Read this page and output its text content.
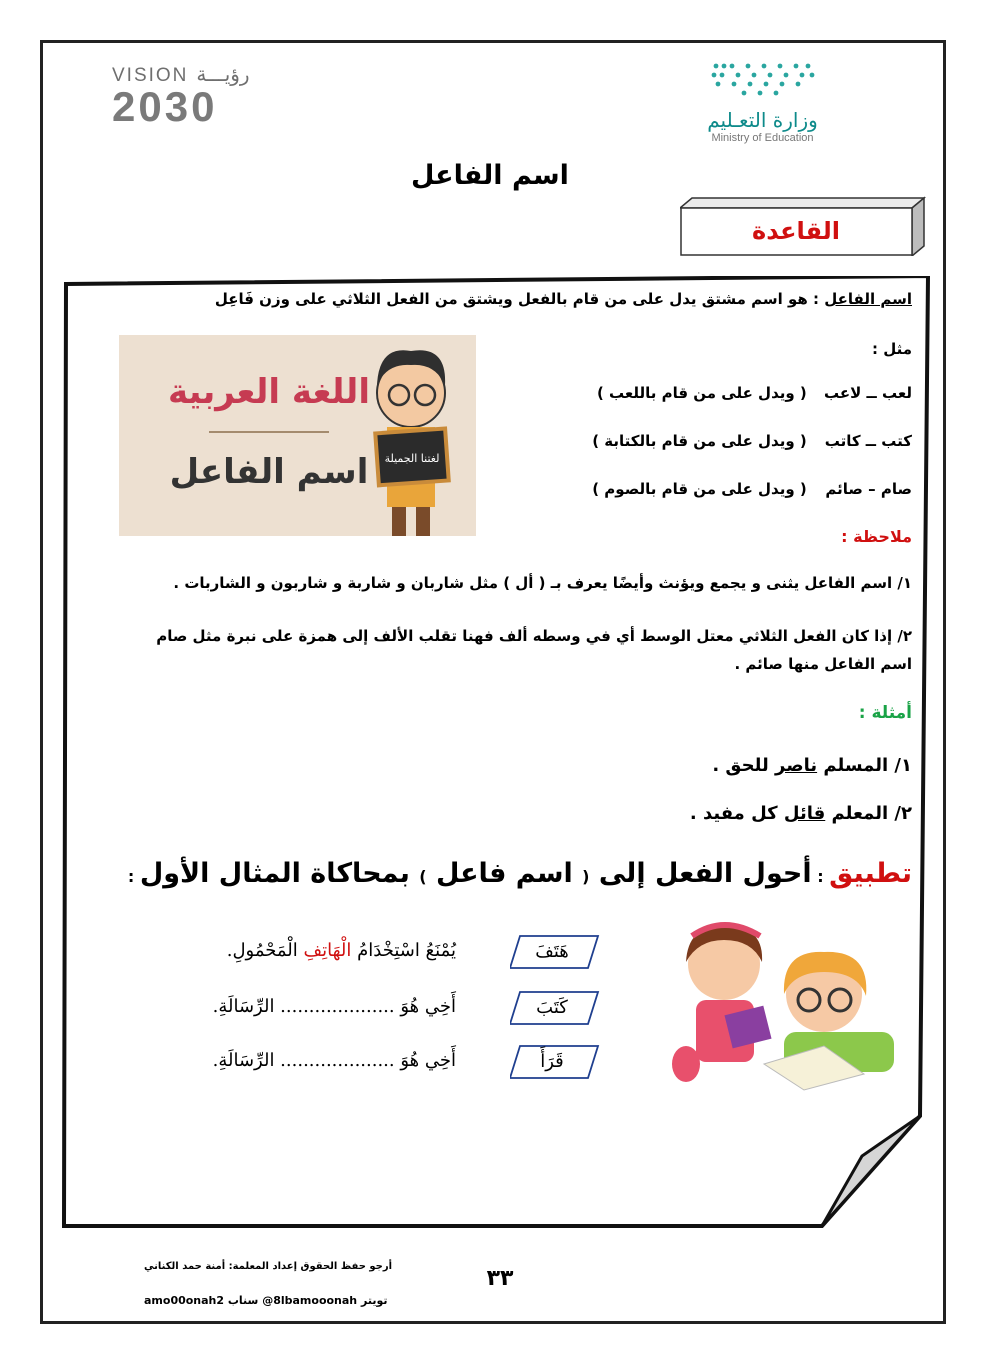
VISION رؤيـــة
2030	وزارة التعـليم
Ministry of Education
اسم الفاعل
القاعدة
اسم الفاعل : هو اسم مشتق يدل على من قام بالفعل ويشتق من الفعل الثلاثي على وزن فَاعِل
اللغة العربية
اسم الفاعل لغتنا الجميلة
مثل :
لعب ــ لاعب ( ويدل على من قام باللعب )
كتب ــ كاتب ( ويدل على من قام بالكتابة )
صام – صائم ( ويدل على من قام بالصوم )
ملاحظة :
١/ اسم الفاعل يثنى و يجمع ويؤنث وأيضًا يعرف بـ ( أل ) مثل شاربان و شاربة و شاربون و الشاربات .
٢/ إذا كان الفعل الثلاثي معتل الوسط أي في وسطه ألف فهنا تقلب الألف إلى همزة على نبرة مثل صام اسم الفاعل منها صائم .
أمثلة :
١/ المسلم ناصر للحق .
٢/ المعلم قائل كل مفيد .
تطبيق : أحول الفعل إلى ( اسم فاعل ) بمحاكاة المثال الأول :
هَتَفَ
يُمْنَعُ اسْتِخْدَامُ الْهَاتِفِ الْمَحْمُولِ.
كَتَبَ
أَخِي هُوَ .................... الرِّسَالَةِ.
قَرَأَ
أَخِي هُوَ .................... الرِّسَالَةِ.
أرجو حفظ الحقوق إعداد المعلمة: أمنة حمد الكناني
تويتر 8lbamooonah@ سناب amo00onah2
٣٣
